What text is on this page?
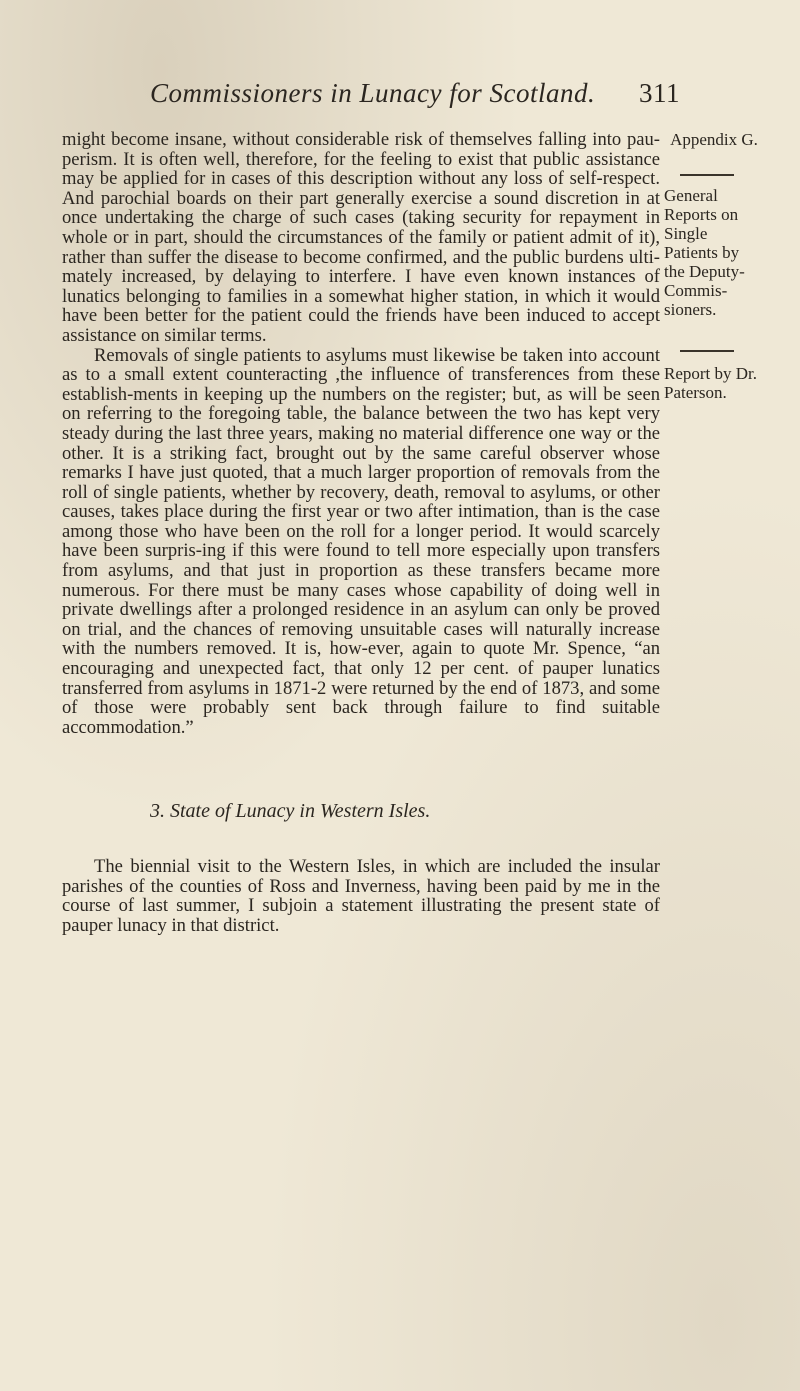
Commissioners in Lunacy for Scotland. 311

might become insane, without considerable risk of themselves falling into pau-perism. It is often well, therefore, for the feeling to exist that public assistance may be applied for in cases of this description without any loss of self-respect. And parochial boards on their part generally exercise a sound discretion in at once undertaking the charge of such cases (taking security for repayment in whole or in part, should the circumstances of the family or patient admit of it), rather than suffer the disease to become confirmed, and the public burdens ulti-mately increased, by delaying to interfere. I have even known instances of lunatics belonging to families in a somewhat higher station, in which it would have been better for the patient could the friends have been induced to accept assistance on similar terms.

Removals of single patients to asylums must likewise be taken into account as to a small extent counteracting ,the influence of transferences from these establish-ments in keeping up the numbers on the register; but, as will be seen on referring to the foregoing table, the balance between the two has kept very steady during the last three years, making no material difference one way or the other. It is a striking fact, brought out by the same careful observer whose remarks I have just quoted, that a much larger proportion of removals from the roll of single patients, whether by recovery, death, removal to asylums, or other causes, takes place during the first year or two after intimation, than is the case among those who have been on the roll for a longer period. It would scarcely have been surpris-ing if this were found to tell more especially upon transfers from asylums, and that just in proportion as these transfers became more numerous. For there must be many cases whose capability of doing well in private dwellings after a prolonged residence in an asylum can only be proved on trial, and the chances of removing unsuitable cases will naturally increase with the numbers removed. It is, how-ever, again to quote Mr. Spence, “an encouraging and unexpected fact, that only 12 per cent. of pauper lunatics transferred from asylums in 1871-2 were returned by the end of 1873, and some of those were probably sent back through failure to find suitable accommodation.”

Appendix G.
General Reports on Single Patients by the Deputy-Commis-sioners.
Report by Dr. Paterson.
3. State of Lunacy in Western Isles.

The biennial visit to the Western Isles, in which are included the insular parishes of the counties of Ross and Inverness, having been paid by me in the course of last summer, I subjoin a statement illustrating the present state of pauper lunacy in that district.
